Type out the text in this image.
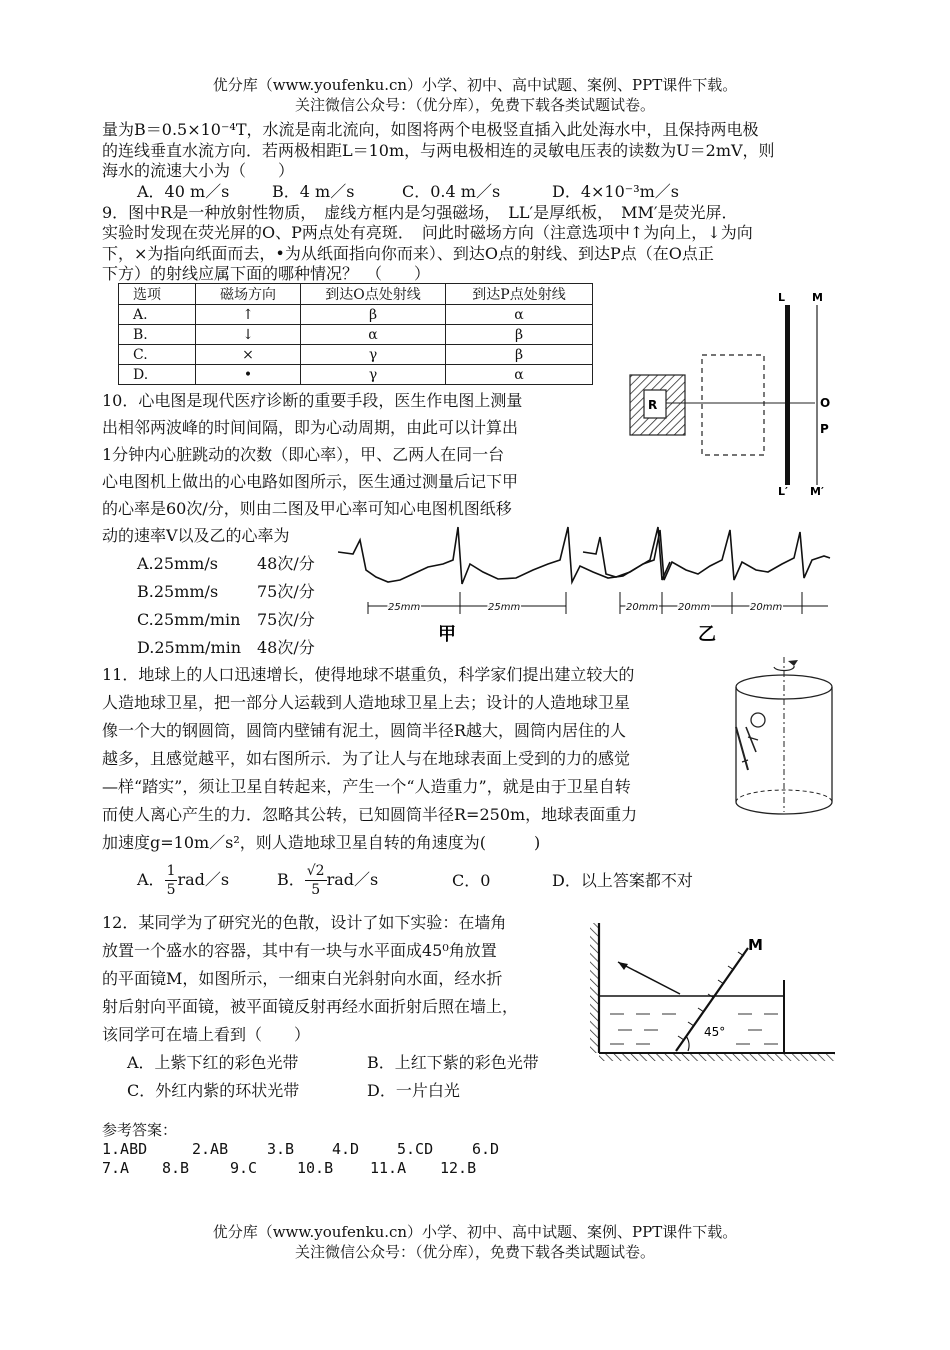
优分库（www.youfenku.cn）小学、初中、高中试题、案例、PPT课件下载。
关注微信公众号：（优分库），免费下载各类试题试卷。
量为B＝0.5×10⁻⁴T，水流是南北流向，如图将两个电极竖直插入此处海水中，且保持两电极
的连线垂直水流方向．若两极相距L＝10m，与两电极相连的灵敏电压表的读数为U＝2mV，则
海水的流速大小为（　　）
A．40 m／s	B．4 m／s	C．0.4 m／s	D．4×10⁻³m／s
9．图中R是一种放射性物质，　虚线方框内是匀强磁场，　LL′是厚纸板，　MM′是荧光屏．
实验时发现在荧光屏的O、P两点处有亮斑．　问此时磁场方向（注意选项中↑为向上，↓为向
下，×为指向纸面而去，•为从纸面指向你而来）、到达O点的射线、到达P点（在O点正
下方）的射线应属下面的哪种情况？　（　　）
选项	磁场方向	到达O点处射线	到达P点处射线
A.	↑	β	α
B.	↓	α	β
C.	×	γ	β
D.	•	γ	α
R
L
L′
M
M′
O
P
10．心电图是现代医疗诊断的重要手段，医生作电图上测量
出相邻两波峰的时间间隔，即为心动周期，由此可以计算出
1分钟内心脏跳动的次数（即心率），甲、乙两人在同一台
心电图机上做出的心电路如图所示，医生通过测量后记下甲
的心率是60次/分，则由二图及甲心率可知心电图机图纸移
动的速率V以及乙的心率为
A.25mm/s 48次/分
B.25mm/s 75次/分
C.25mm/min 75次/分
D.25mm/min 48次/分
25mm	25mm	20mm 20mm	20mm
甲	乙
11．地球上的人口迅速增长，使得地球不堪重负，科学家们提出建立较大的
人造地球卫星，把一部分人运载到人造地球卫星上去；设计的人造地球卫星
像一个大的钢圆筒，圆筒内壁铺有泥土，圆筒半径R越大，圆筒内居住的人
越多，且感觉越平，如右图所示．为了让人与在地球表面上受到的力的感觉
—样“踏实”，须让卫星自转起来，产生一个“人造重力”，就是由于卫星自转
而使人离心产生的力．忽略其公转，已知圆筒半径R=250m，地球表面重力
加速度g=10m／s²，则人造地球卫星自转的角速度为(　　　)
A． $\frac{1}{5}$ rad／s	B． $\frac{√2}{5}$ rad／s	C．0	D．以上答案都不对
12．某同学为了研究光的色散，设计了如下实验：在墙角
放置一个盛水的容器，其中有一块与水平面成45⁰角放置
的平面镜M，如图所示，一细束白光斜射向水面，经水折
射后射向平面镜，被平面镜反射再经水面折射后照在墙上，
该同学可在墙上看到（　　）
A．上紫下红的彩色光带	B．上红下紫的彩色光带
C．外红内紫的环状光带	D．一片白光
M
45°
参考答案：
1.ABD	2.AB	3.B	4.D	5.CD	6.D
7.A 8.B	9.C	10.B 11.A 12.B
优分库（www.youfenku.cn）小学、初中、高中试题、案例、PPT课件下载。
关注微信公众号：（优分库），免费下载各类试题试卷。
